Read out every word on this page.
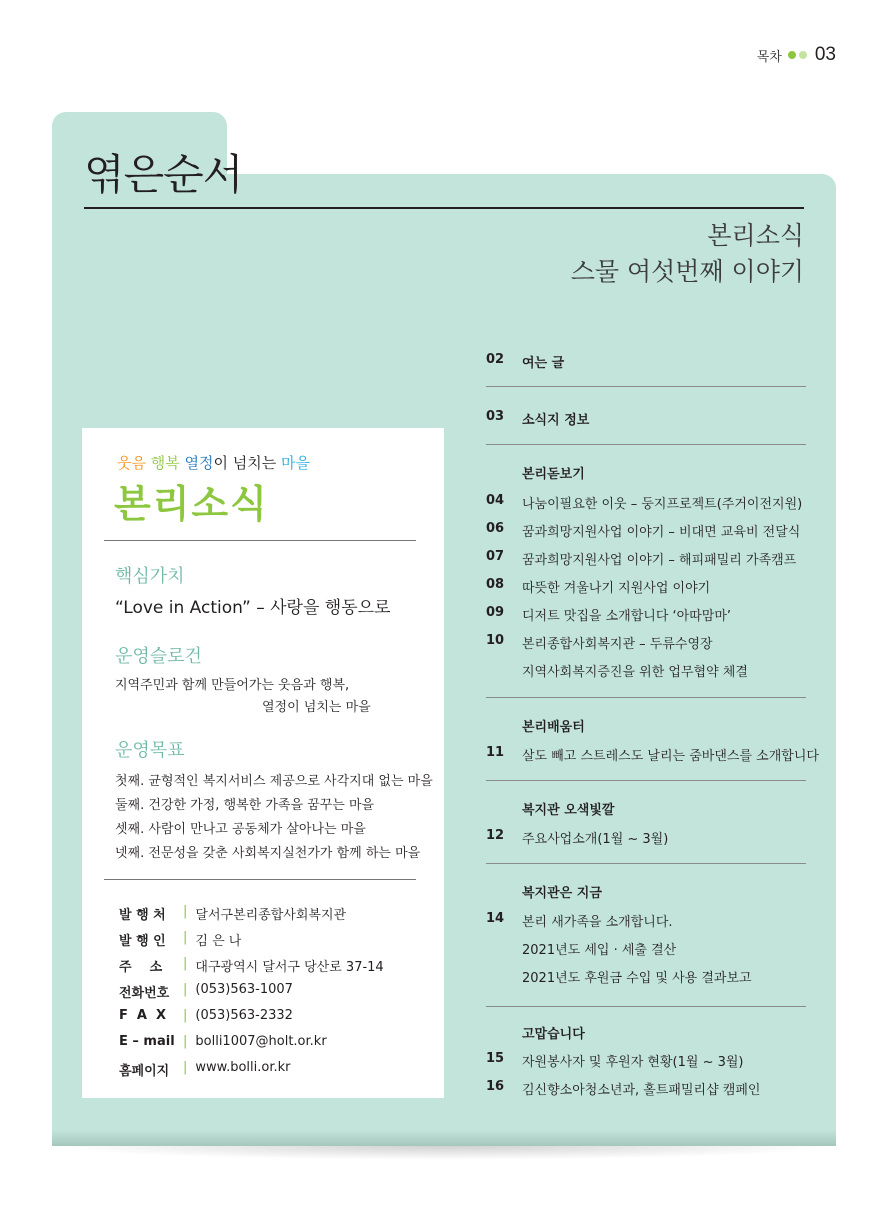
목차 03
엮은순서
본리소식
스물 여섯번째 이야기
웃음 행복 열정이 넘치는 마을
본리소식
핵심가치
“Love in Action” – 사랑을 행동으로
운영슬로건
지역주민과 함께 만들어가는 웃음과 행복,
열정이 넘치는 마을
운영목표
첫째. 균형적인 복지서비스 제공으로 사각지대 없는 마을
둘째. 건강한 가정, 행복한 가족을 꿈꾸는 마을
셋째. 사람이 만나고 공동체가 살아나는 마을
넷째. 전문성을 갖춘 사회복지실천가가 함께 하는 마을
발 행 처	| 달서구본리종합사회복지관
발 행 인	| 김 은 나
주    소	| 대구광역시 달서구 당산로 37-14
전화번호	| (053)563-1007
F  A  X	| (053)563-2332
E – mail | bolli1007@holt.or.kr
홈페이지	| www.bolli.or.kr
02	여는 글
03	소식지 정보
본리돋보기
04	나눔이필요한 이웃 – 둥지프로젝트(주거이전지원)
06	꿈과희망지원사업 이야기 – 비대면 교육비 전달식
07	꿈과희망지원사업 이야기 – 해피패밀리 가족캠프
08	따뜻한 겨울나기 지원사업 이야기
09	디저트 맛집을 소개합니다 ‘아따맘마’
10	본리종합사회복지관 – 두류수영장
지역사회복지증진을 위한 업무협약 체결
본리배움터
11	살도 빼고 스트레스도 날리는 줌바댄스를 소개합니다
복지관 오색빛깔
12	주요사업소개(1월 ~ 3월)
복지관은 지금
14	본리 새가족을 소개합니다.
2021년도 세입 · 세출 결산
2021년도 후원금 수입 및 사용 결과보고
고맙습니다
15	자원봉사자 및 후원자 현황(1월 ~ 3월)
16	김신향소아청소년과, 홀트패밀리샵 캠페인
